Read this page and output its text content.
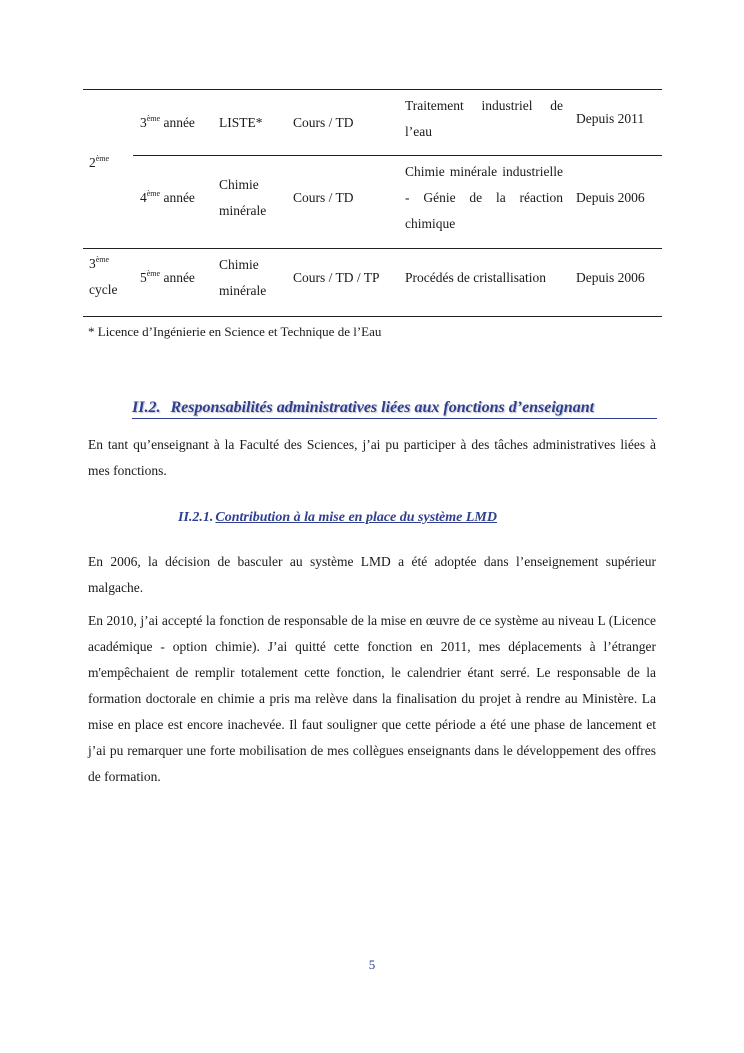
3ème année LISTE* Cours / TD
Traitement industriel de l’eau
Depuis 2011
4ème année
Chimie minérale
Cours / TD
Chimie minérale industrielle - Génie de la réaction chimique
Depuis 2006
3ème
cycle
5ème année
Chimie minérale
Cours / TD / TP Procédés de cristallisation	Depuis 2006
2ème
* Licence d’Ingénierie en Science et Technique de l’Eau
II.2. Responsabilités administratives liées aux fonctions d’enseignant

En tant qu’enseignant à la Faculté des Sciences, j’ai pu participer à des tâches administratives liées à mes fonctions.

II.2.1. Contribution à la mise en place du système LMD

En 2006, la décision de basculer au système LMD a été adoptée dans l’enseignement supérieur malgache.

En 2010, j’ai accepté la fonction de responsable de la mise en œuvre de ce système au niveau L (Licence académique - option chimie). J’ai quitté cette fonction en 2011, mes déplacements à l’étranger m'empêchaient de remplir totalement cette fonction, le calendrier étant serré. Le responsable de la formation doctorale en chimie a pris ma relève dans la finalisation du projet à rendre au Ministère. La mise en place est encore inachevée. Il faut souligner que cette période a été une phase de lancement et j’ai pu remarquer une forte mobilisation de mes collègues enseignants dans le développement des offres de formation.

5
